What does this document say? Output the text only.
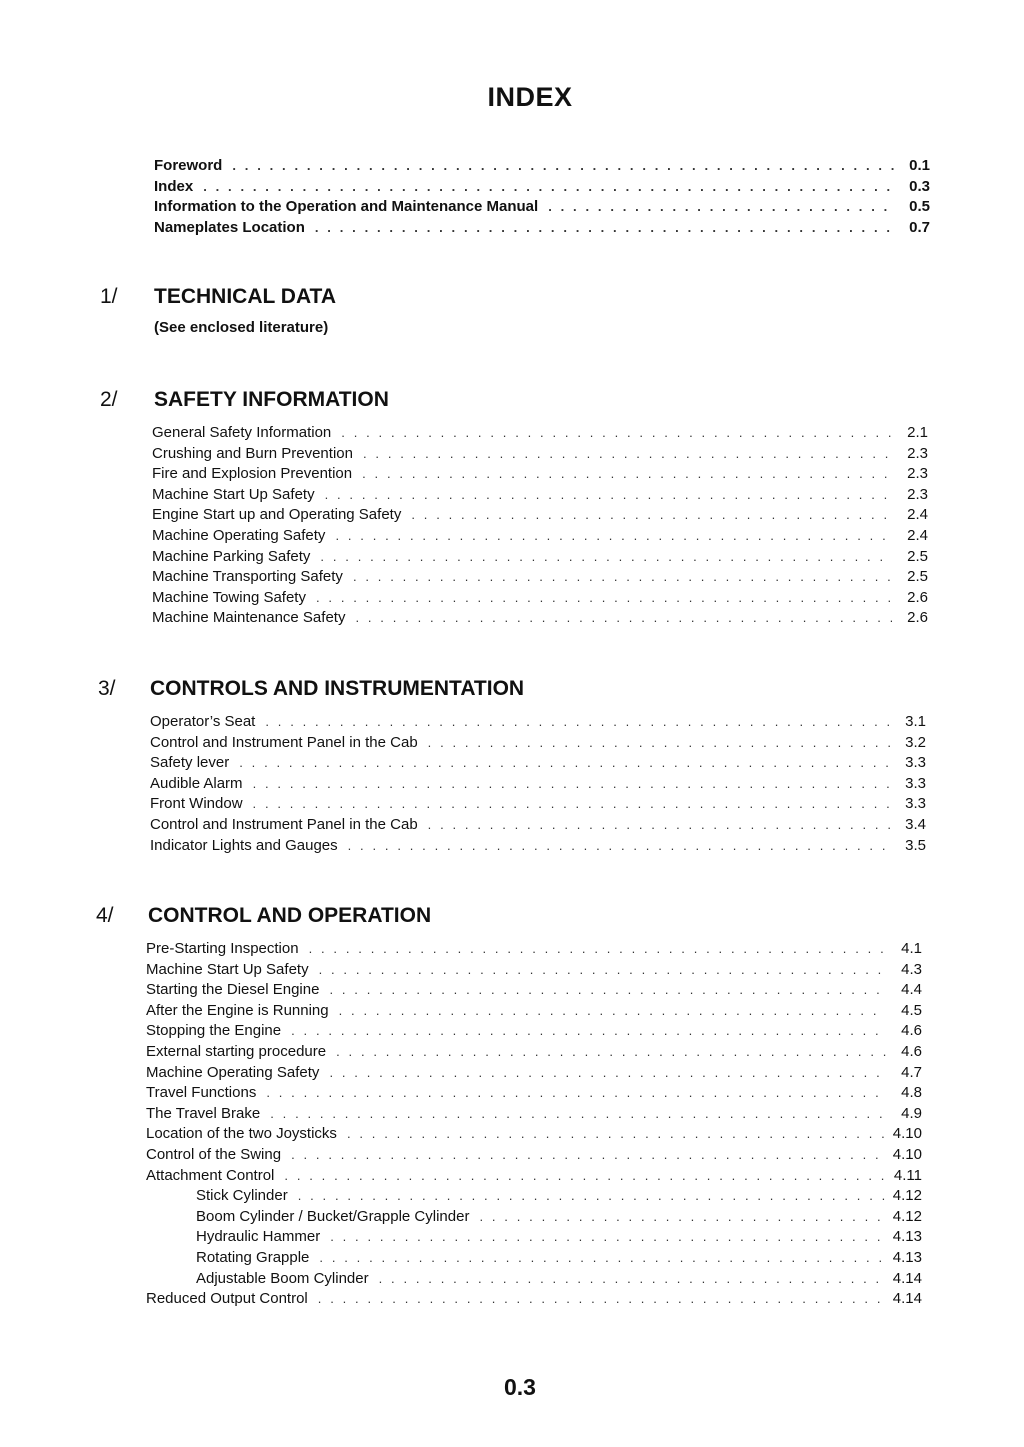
INDEX
Foreword . . .	0.1
Index . . .	0.3
Information to the Operation and Maintenance Manual . . .	0.5
Nameplates Location . . .	0.7
1/ TECHNICAL DATA
(See enclosed literature)
2/ SAFETY INFORMATION
General Safety Information . . .	2.1
Crushing and Burn Prevention . . .	2.3
Fire and Explosion Prevention . . .	2.3
Machine Start Up Safety . . .	2.3
Engine Start up and Operating Safety . . .	2.4
Machine Operating Safety . . .	2.4
Machine Parking Safety . . .	2.5
Machine Transporting Safety . . .	2.5
Machine Towing Safety . . .	2.6
Machine Maintenance Safety . . .	2.6
3/ CONTROLS AND INSTRUMENTATION
Operator’s Seat . . .	3.1
Control and Instrument Panel in the Cab . . .	3.2
Safety lever . . .	3.3
Audible Alarm . . .	3.3
Front Window . . .	3.3
Control and Instrument Panel in the Cab . . .	3.4
Indicator Lights and Gauges . . .	3.5
4/ CONTROL AND OPERATION
Pre-Starting Inspection . . .	4.1
Machine Start Up Safety . . .	4.3
Starting the Diesel Engine . . .	4.4
After the Engine is Running . . .	4.5
Stopping the Engine . . .	4.6
External starting procedure . . .	4.6
Machine Operating Safety . . .	4.7
Travel Functions . . .	4.8
The Travel Brake . . .	4.9
Location of the two Joysticks . . .	4.10
Control of the Swing . . .	4.10
Attachment Control . . .	4.11
Stick Cylinder . . .	4.12
Boom Cylinder / Bucket/Grapple Cylinder . . .	4.12
Hydraulic Hammer . . .	4.13
Rotating Grapple . . .	4.13
Adjustable Boom Cylinder . . .	4.14
Reduced Output Control . . .	4.14
0.3
